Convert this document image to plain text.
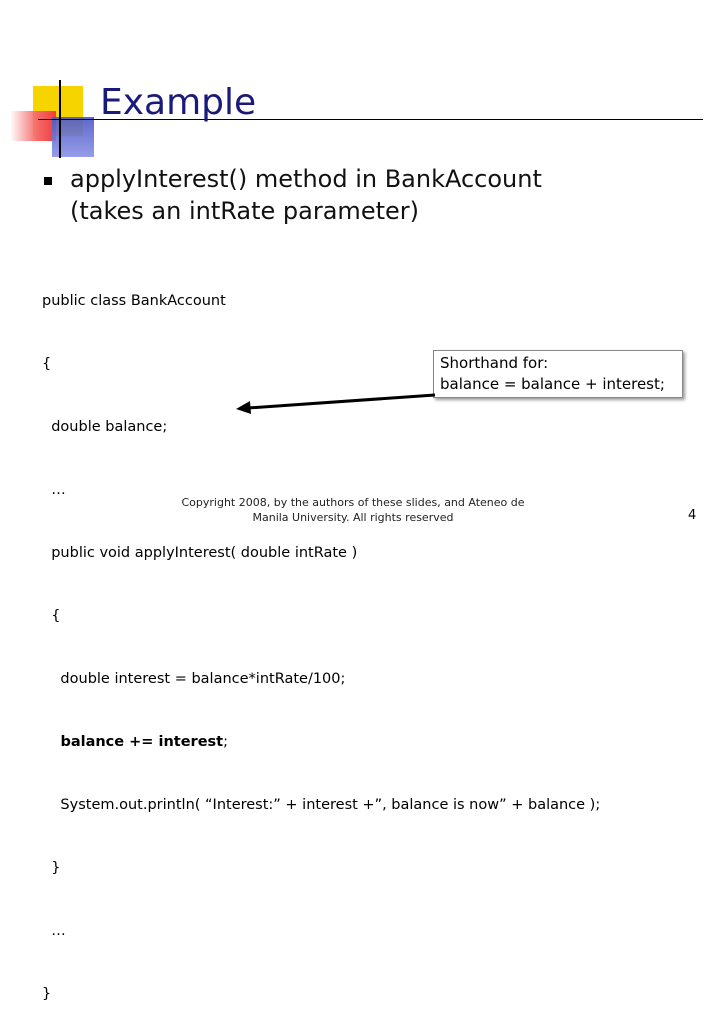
Example
applyInterest() method in BankAccount
(takes an intRate parameter)

public class BankAccount

{

double balance;

…

public void applyInterest( double intRate )

{

double interest = balance*intRate/100;

balance += interest;

System.out.println( “Interest:” + interest +”, balance is now” + balance );

}

…

}

Shorthand for:
balance = balance + interest;
Copyright 2008, by the authors of these slides, and Ateneo de
Manila University. All rights reserved	4
